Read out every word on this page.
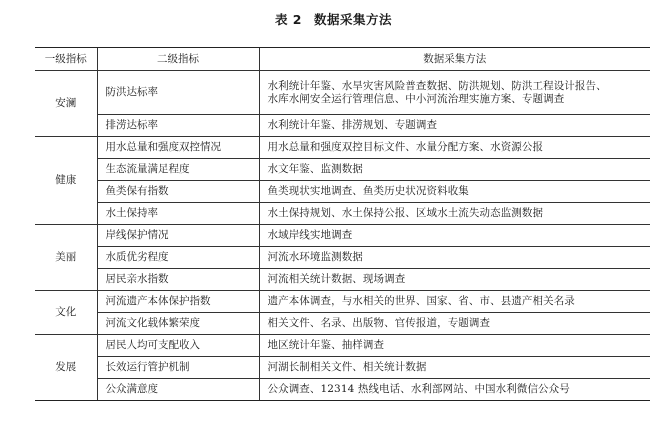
表 2 数据采集方法
一级指标	二级指标	数据采集方法
安澜	防洪达标率	水利统计年鉴、水旱灾害风险普查数据、防洪规划、防洪工程设计报告、
水库水闸安全运行管理信息、中小河流治理实施方案、专题调查

	排涝达标率	水利统计年鉴、排涝规划、专题调查

健康	用水总量和强度双控情况	用水总量和强度双控目标文件、水量分配方案、水资源公报

	生态流量满足程度	水文年鉴、监测数据

	鱼类保有指数	鱼类现状实地调查、鱼类历史状况资料收集

	水土保持率	水土保持规划、水土保持公报、区域水土流失动态监测数据

美丽	岸线保护情况	水域岸线实地调查

	水质优劣程度	河流水环境监测数据

	居民亲水指数	河流相关统计数据、现场调查

文化	河流遗产本体保护指数	遗产本体调查，与水相关的世界、国家、省、市、县遗产相关名录

	河流文化载体繁荣度	相关文件、名录、出版物、官传报道，专题调查

发展	居民人均可支配收入	地区统计年鉴、抽样调查

	长效运行管护机制	河湖长制相关文件、相关统计数据

	公众满意度	公众调查、12314 热线电话、水利部网站、中国水利微信公众号
